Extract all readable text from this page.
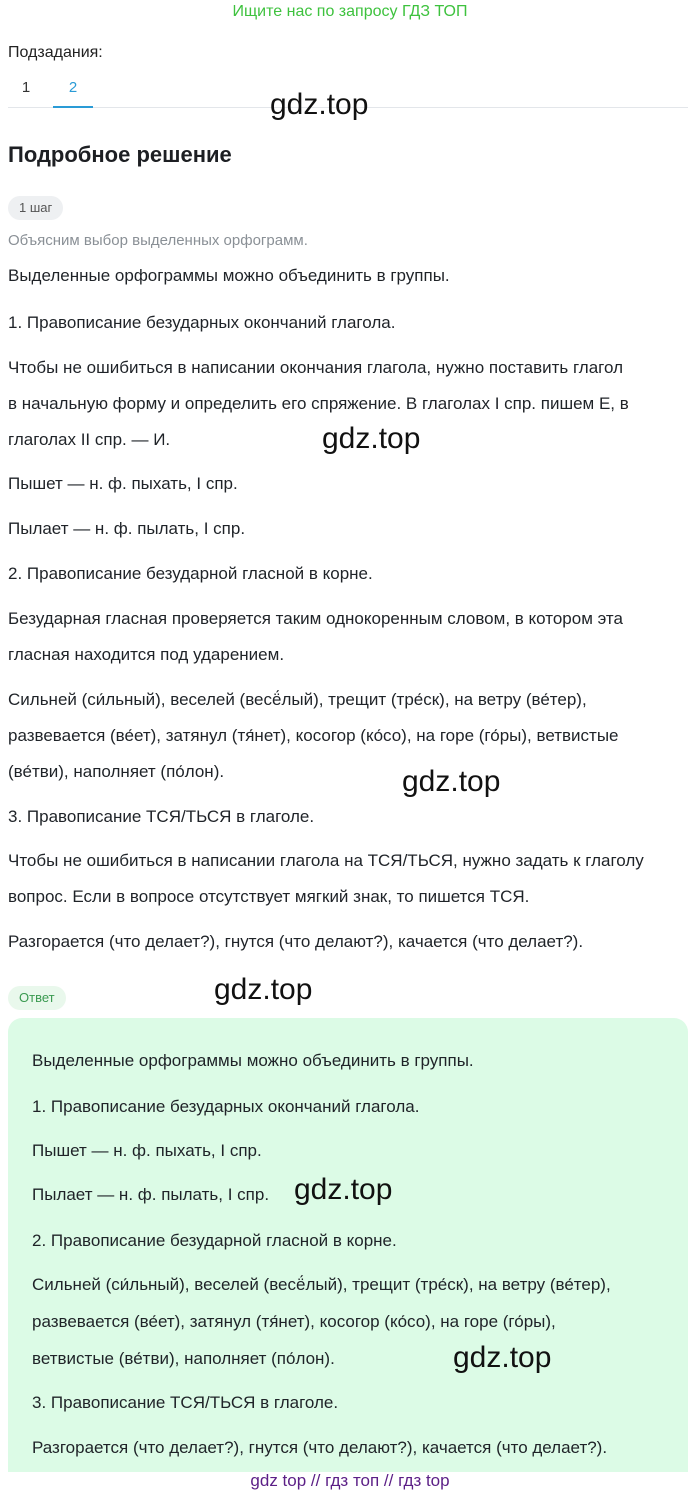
Ищите нас по запросу ГДЗ ТОП
Подзадания:
1	2
gdz.top
Подробное решение
1 шаг
Объясним выбор выделенных орфограмм.
Выделенные орфограммы можно объединить в группы.
1. Правописание безударных окончаний глагола.
Чтобы не ошибиться в написании окончания глагола, нужно поставить глагол
в начальную форму и определить его спряжение. В глаголах I спр. пишем Е, в
глаголах II спр. — И.	gdz.top
Пышет — н. ф. пыхать, I спр.
Пылает — н. ф. пылать, I спр.
2. Правописание безударной гласной в корне.
Безударная гласная проверяется таким однокоренным словом, в котором эта
гласная находится под ударением.
Сильней (си́льный), веселей (весё́лый), трещит (тре́ск), на ветру (ве́тер),
развевается (ве́ет), затянул (тя́нет), косогор (ко́со), на горе (го́ры), ветвистые
(ве́тви), наполняет (по́лон).	gdz.top
3. Правописание ТСЯ/ТЬСЯ в глаголе.
Чтобы не ошибиться в написании глагола на ТСЯ/ТЬСЯ, нужно задать к глаголу
вопрос. Если в вопросе отсутствует мягкий знак, то пишется ТСЯ.
Разгорается (что делает?), гнутся (что делают?), качается (что делает?).
Ответ	gdz.top
Выделенные орфограммы можно объединить в группы.
1. Правописание безударных окончаний глагола.
Пышет — н. ф. пыхать, I спр.
Пылает — н. ф. пылать, I спр.
2. Правописание безударной гласной в корне.
Сильней (си́льный), веселей (весё́лый), трещит (тре́ск), на ветру (ве́тер),
развевается (ве́ет), затянул (тя́нет), косогор (ко́со), на горе (го́ры),
ветвистые (ве́тви), наполняет (по́лон).
3. Правописание ТСЯ/ТЬСЯ в глаголе.
Разгорается (что делает?), гнутся (что делают?), качается (что делает?).
gdz.top
gdz.top
gdz top // гдз топ // гдз top
